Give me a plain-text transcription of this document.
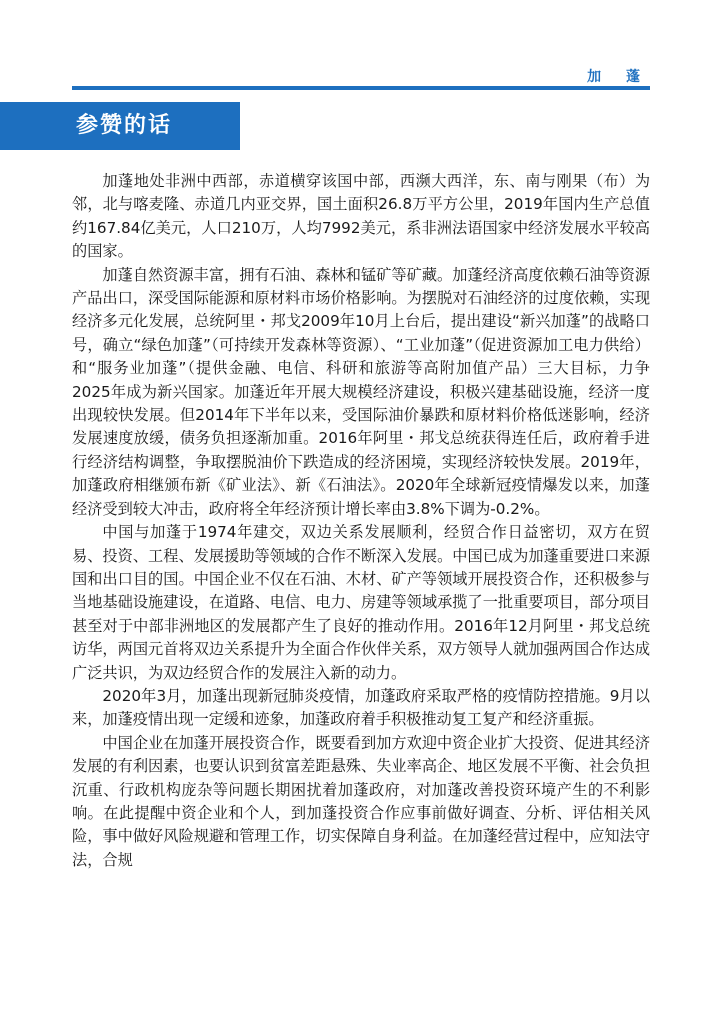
加 蓬
参赞的话

加蓬地处非洲中西部，赤道横穿该国中部，西濒大西洋，东、南与刚果（布）为邻，北与喀麦隆、赤道几内亚交界，国土面积26.8万平方公里，2019年国内生产总值约167.84亿美元，人口210万，人均7992美元，系非洲法语国家中经济发展水平较高的国家。

加蓬自然资源丰富，拥有石油、森林和锰矿等矿藏。加蓬经济高度依赖石油等资源产品出口，深受国际能源和原材料市场价格影响。为摆脱对石油经济的过度依赖，实现经济多元化发展，总统阿里・邦戈2009年10月上台后，提出建设“新兴加蓬”的战略口号，确立“绿色加蓬”（可持续开发森林等资源）、“工业加蓬”（促进资源加工电力供给）和“服务业加蓬”（提供金融、电信、科研和旅游等高附加值产品）三大目标，力争2025年成为新兴国家。加蓬近年开展大规模经济建设，积极兴建基础设施，经济一度出现较快发展。但2014年下半年以来，受国际油价暴跌和原材料价格低迷影响，经济发展速度放缓，债务负担逐渐加重。2016年阿里・邦戈总统获得连任后，政府着手进行经济结构调整，争取摆脱油价下跌造成的经济困境，实现经济较快发展。2019年，加蓬政府相继颁布新《矿业法》、新《石油法》。2020年全球新冠疫情爆发以来，加蓬经济受到较大冲击，政府将全年经济预计增长率由3.8%下调为-0.2%。

中国与加蓬于1974年建交，双边关系发展顺利，经贸合作日益密切，双方在贸易、投资、工程、发展援助等领域的合作不断深入发展。中国已成为加蓬重要进口来源国和出口目的国。中国企业不仅在石油、木材、矿产等领域开展投资合作，还积极参与当地基础设施建设，在道路、电信、电力、房建等领域承揽了一批重要项目，部分项目甚至对于中部非洲地区的发展都产生了良好的推动作用。2016年12月阿里・邦戈总统访华，两国元首将双边关系提升为全面合作伙伴关系，双方领导人就加强两国合作达成广泛共识，为双边经贸合作的发展注入新的动力。

2020年3月，加蓬出现新冠肺炎疫情，加蓬政府采取严格的疫情防控措施。9月以来，加蓬疫情出现一定缓和迹象，加蓬政府着手积极推动复工复产和经济重振。

中国企业在加蓬开展投资合作，既要看到加方欢迎中资企业扩大投资、促进其经济发展的有利因素，也要认识到贫富差距悬殊、失业率高企、地区发展不平衡、社会负担沉重、行政机构庞杂等问题长期困扰着加蓬政府，对加蓬改善投资环境产生的不利影响。在此提醒中资企业和个人，到加蓬投资合作应事前做好调查、分析、评估相关风险，事中做好风险规避和管理工作，切实保障自身利益。在加蓬经营过程中，应知法守法，合规
